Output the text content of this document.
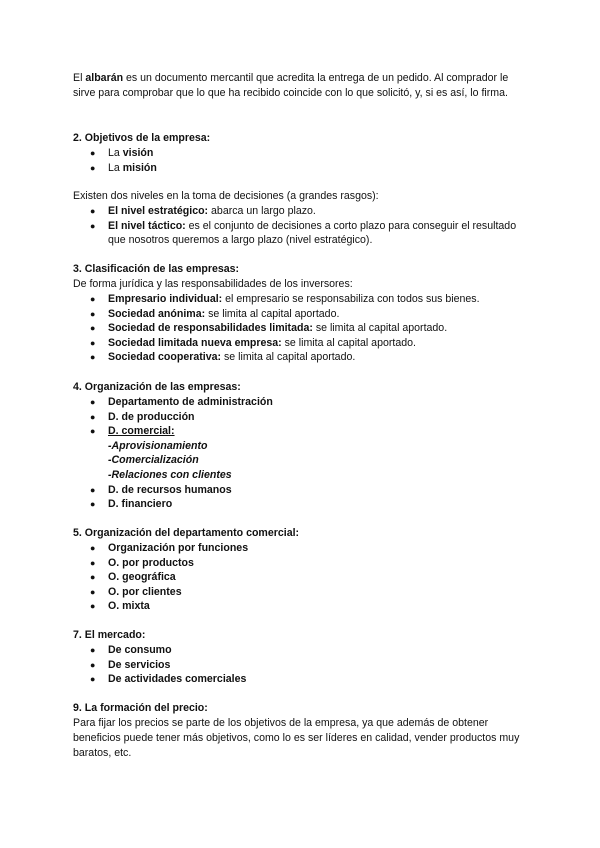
El albarán es un documento mercantil que acredita la entrega de un pedido. Al comprador le sirve para comprobar que lo que ha recibido coincide con lo que solicitó, y, si es así, lo firma.

2. Objetivos de la empresa:
● La visión
● La misión

Existen dos niveles en la toma de decisiones (a grandes rasgos):

● El nivel estratégico: abarca un largo plazo.
● El nivel táctico: es el conjunto de decisiones a corto plazo para conseguir el resultado que nosotros queremos a largo plazo (nivel estratégico).
3. Clasificación de las empresas:

De forma jurídica y las responsabilidades de los inversores:

● Empresario individual: el empresario se responsabiliza con todos sus bienes.
● Sociedad anónima: se limita al capital aportado.
● Sociedad de responsabilidades limitada: se limita al capital aportado.
● Sociedad limitada nueva empresa: se limita al capital aportado.
● Sociedad cooperativa: se limita al capital aportado.
4. Organización de las empresas:
● Departamento de administración
● D. de producción
● D. comercial:
-Aprovisionamiento
-Comercialización
-Relaciones con clientes
● D. de recursos humanos
● D. financiero
5. Organización del departamento comercial:
● Organización por funciones
● O. por productos
● O. geográfica
● O. por clientes
● O. mixta
7. El mercado:
● De consumo
● De servicios
● De actividades comerciales
9. La formación del precio:

Para fijar los precios se parte de los objetivos de la empresa, ya que además de obtener beneficios puede tener más objetivos, como lo es ser líderes en calidad, vender productos muy baratos, etc.
